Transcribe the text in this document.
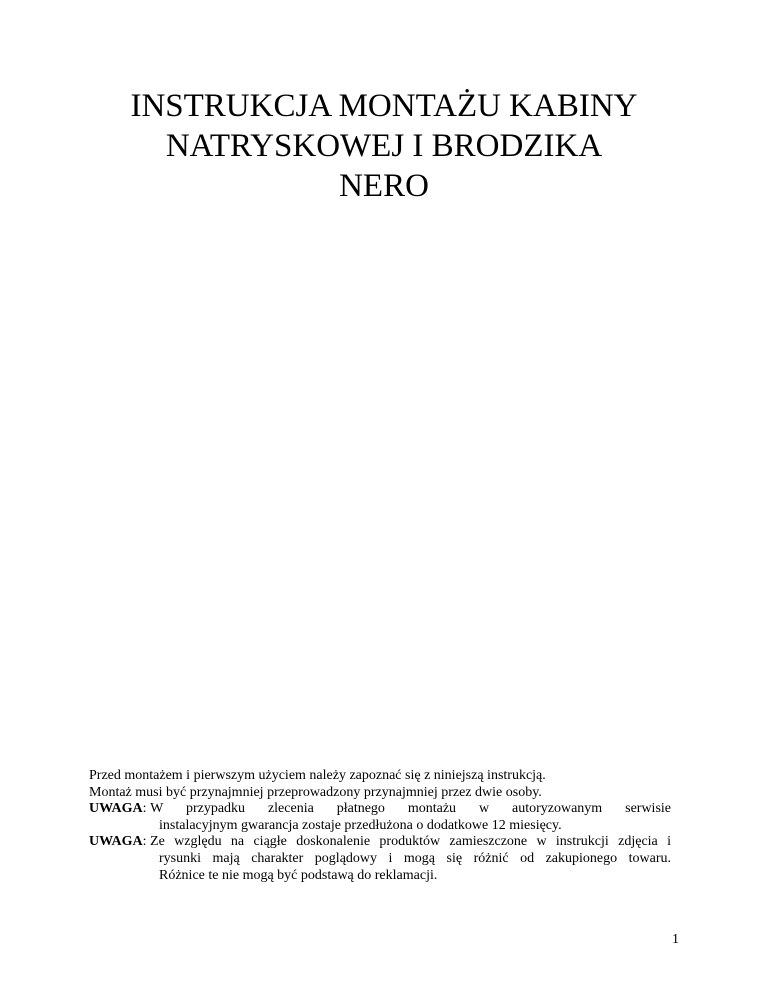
INSTRUKCJA MONTAŻU KABINY
NATRYSKOWEJ I BRODZIKA
NERO

Przed montażem i pierwszym użyciem należy zapoznać się z niniejszą instrukcją.

Montaż musi być przynajmniej przeprowadzony przynajmniej przez dwie osoby.

UWAGA : W przypadku zlecenia płatnego montażu w autoryzowanym serwisie
instalacyjnym gwarancja zostaje przedłużona o dodatkowe 12 miesięcy.
UWAGA : Ze względu na ciągłe doskonalenie produktów zamieszczone w instrukcji zdjęcia i
rysunki mają charakter poglądowy i mogą się różnić od zakupionego towaru.
Różnice te nie mogą być podstawą do reklamacji.
1
